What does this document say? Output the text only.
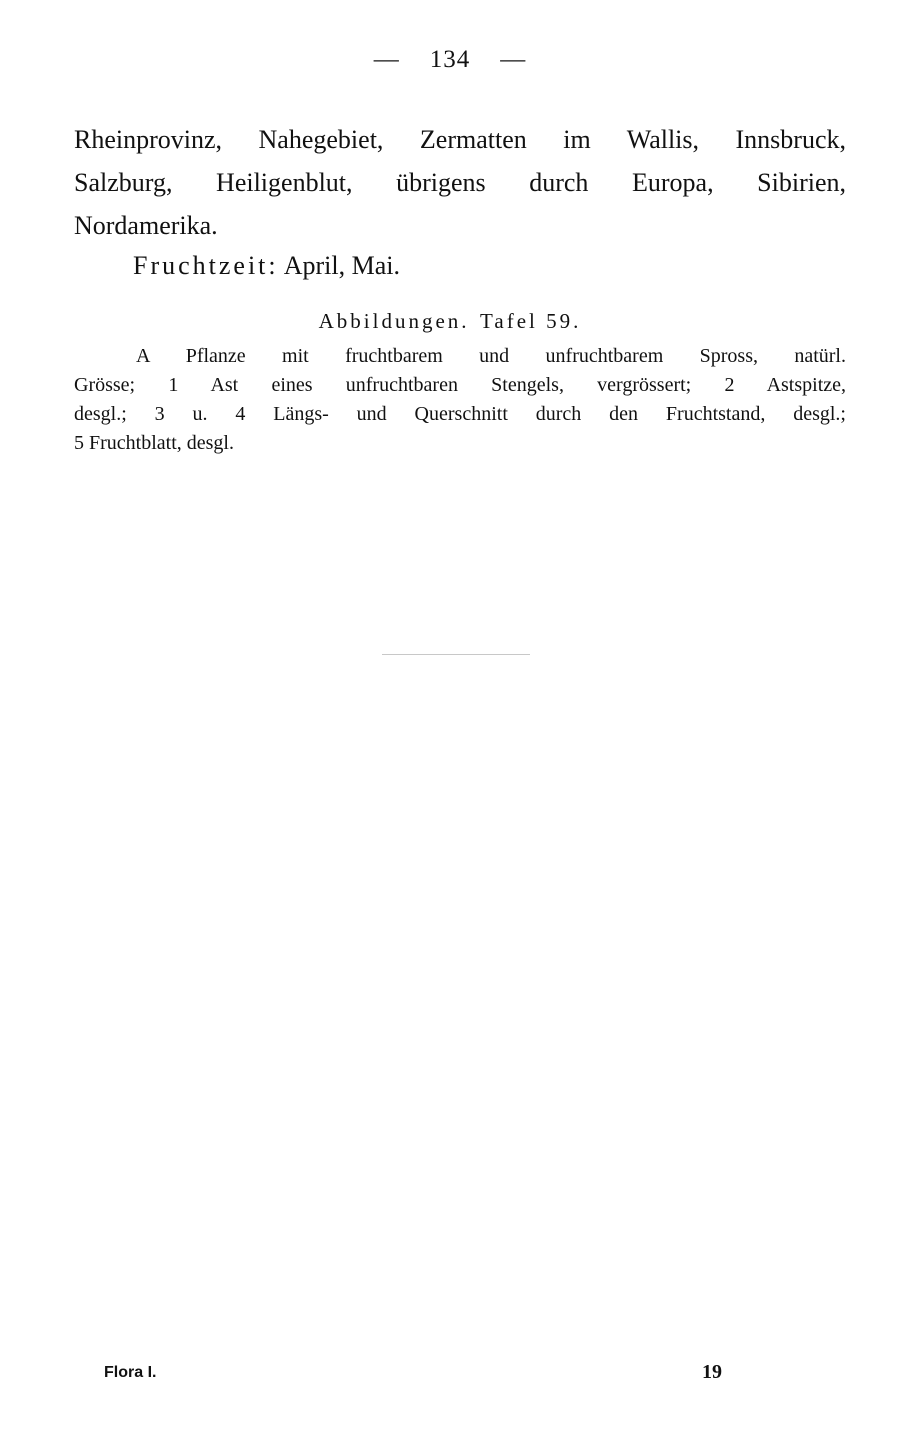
— 134 —
Rheinprovinz, Nahegebiet, Zermatten im Wallis, Innsbruck,
Salzburg, Heiligenblut, übrigens durch Europa, Sibirien,
Nordamerika.
Fruchtzeit: April, Mai.
Abbildungen. Tafel 59.
A Pflanze mit fruchtbarem und unfruchtbarem Spross, natürl.
Grösse; 1 Ast eines unfruchtbaren Stengels, vergrössert; 2 Astspitze,
desgl.; 3 u. 4 Längs- und Querschnitt durch den Fruchtstand, desgl.;
5 Fruchtblatt, desgl.
Flora I.	19
